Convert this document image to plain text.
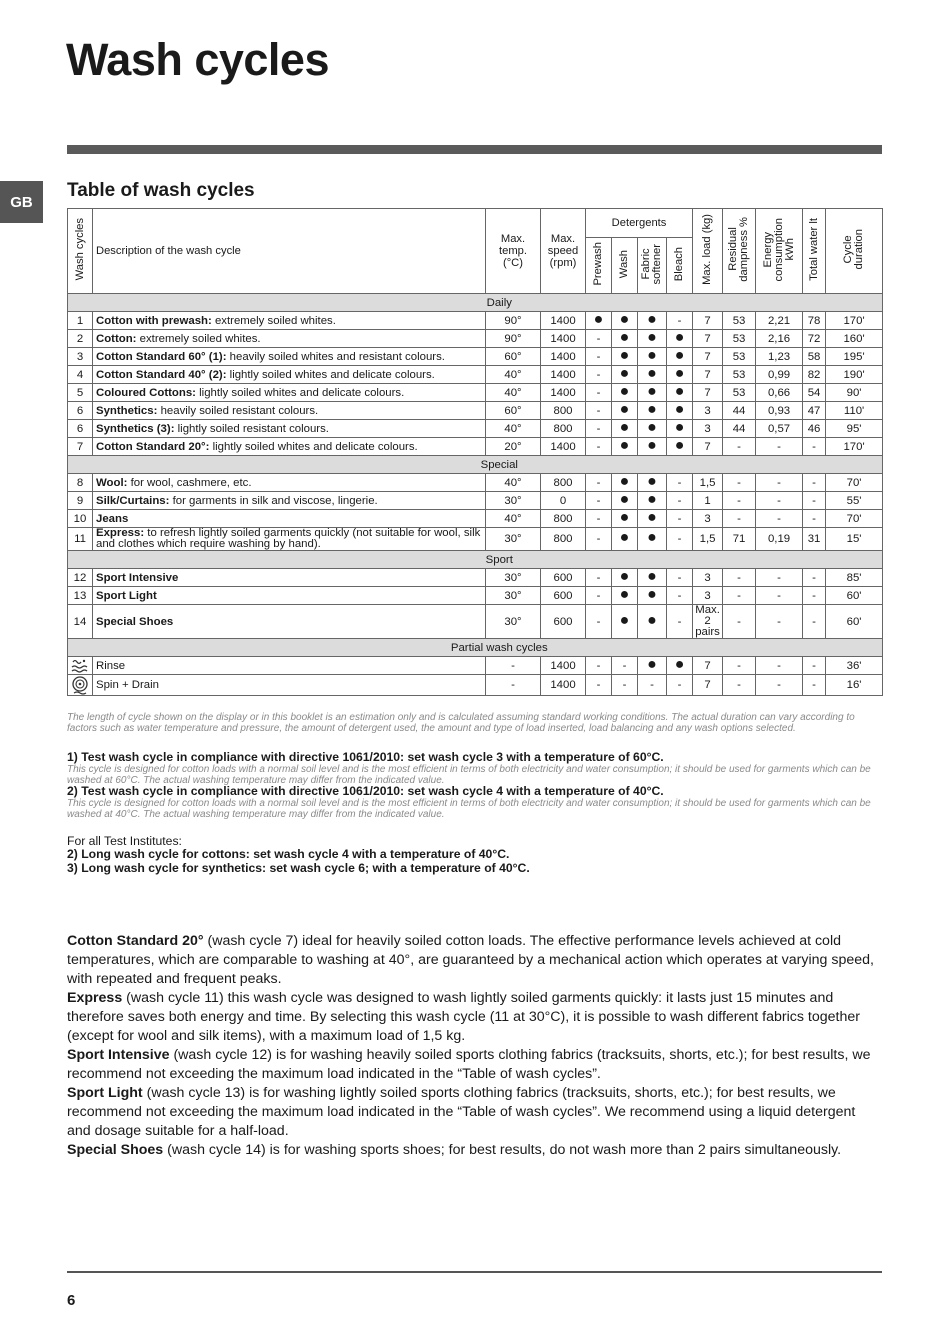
Wash cycles
GB
Table of wash cycles
Wash cycles	Description of the wash cycle	Max.
temp.
(°C)	Max.
speed
(rpm)	Detergents				Max. load (kg)	Residual
dampness %	Energy
consumption
kWh	Total water lt	Cycle
duration
				Prewash	Wash	Fabric
softener	Bleach					
	Daily											
1	Cotton with prewash: extremely soiled whites.	90°	1400	●	●	●	-	7	53	2,21	78	170'
2	Cotton: extremely soiled whites.	90°	1400	-	●	●	●	7	53	2,16	72	160'
3	Cotton Standard 60° (1): heavily soiled whites and resistant colours.	60°	1400	-	●	●	●	7	53	1,23	58	195'
4	Cotton Standard 40° (2): lightly soiled whites and delicate colours.	40°	1400	-	●	●	●	7	53	0,99	82	190'
5	Coloured Cottons: lightly soiled whites and delicate colours.	40°	1400	-	●	●	●	7	53	0,66	54	90'
6	Synthetics: heavily soiled resistant colours.	60°	800	-	●	●	●	3	44	0,93	47	110'
6	Synthetics (3): lightly soiled resistant colours.	40°	800	-	●	●	●	3	44	0,57	46	95'
7	Cotton Standard 20°: lightly soiled whites and delicate colours.	20°	1400	-	●	●	●	7	-	-	-	170'
	Special											
8	Wool: for wool, cashmere, etc.	40°	800	-	●	●	-	1,5	-	-	-	70'
9	Silk/Curtains: for garments in silk and viscose, lingerie.	30°	0	-	●	●	-	1	-	-	-	55'
10	Jeans	40°	800	-	●	●	-	3	-	-	-	70'
11	Express: to refresh lightly soiled garments quickly (not suitable for wool, silk and clothes which require washing by hand).	30°	800	-	●	●	-	1,5	71	0,19	31	15'
	Sport											
12	Sport Intensive	30°	600	-	●	●	-	3	-	-	-	85'
13	Sport Light	30°	600	-	●	●	-	3	-	-	-	60'
14	Special Shoes	30°	600	-	●	●	-	Max.
2 pairs	-	-	-	60'
	Partial wash cycles											

	Rinse	-	1400	-	-	●	●	7	-	-	-	36'

	Spin + Drain	-	1400	-	-	-	-	7	-	-	-	16'
The length of cycle shown on the display or in this booklet is an estimation only and is calculated assuming standard working conditions. The actual duration can vary according to factors such as water temperature and pressure, the amount of detergent used, the amount and type of load inserted, load balancing and any wash options selected.
1) Test wash cycle in compliance with directive 1061/2010: set wash cycle 3 with a temperature of 60°C.
This cycle is designed for cotton loads with a normal soil level and is the most efficient in terms of both electricity and water consumption; it should be used for garments which can be washed at 60°C. The actual washing temperature may differ from the indicated value.
2) Test wash cycle in compliance with directive 1061/2010: set wash cycle 4 with a temperature of 40°C.
This cycle is designed for cotton loads with a normal soil level and is the most efficient in terms of both electricity and water consumption; it should be used for garments which can be washed at 40°C. The actual washing temperature may differ from the indicated value.
For all Test Institutes:
2) Long wash cycle for cottons: set wash cycle 4 with a temperature of 40°C.
3) Long wash cycle for synthetics: set wash cycle 6; with a temperature of 40°C.

Cotton Standard 20° (wash cycle 7) ideal for heavily soiled cotton loads. The effective performance levels achieved at cold temperatures, which are comparable to washing at 40°, are guaranteed by a mechanical action which operates at varying speed, with repeated and frequent peaks.

Express (wash cycle 11) this wash cycle was designed to wash lightly soiled garments quickly: it lasts just 15 minutes and therefore saves both energy and time. By selecting this wash cycle (11 at 30°C), it is possible to wash different fabrics together (except for wool and silk items), with a maximum load of 1,5 kg.

Sport Intensive (wash cycle 12) is for washing heavily soiled sports clothing fabrics (tracksuits, shorts, etc.); for best results, we recommend not exceeding the maximum load indicated in the “Table of wash cycles”.

Sport Light (wash cycle 13) is for washing lightly soiled sports clothing fabrics (tracksuits, shorts, etc.); for best results, we recommend not exceeding the maximum load indicated in the “Table of wash cycles”. We recommend using a liquid detergent and dosage suitable for a half-load.

Special Shoes (wash cycle 14) is for washing sports shoes; for best results, do not wash more than 2 pairs simultaneously.

6
